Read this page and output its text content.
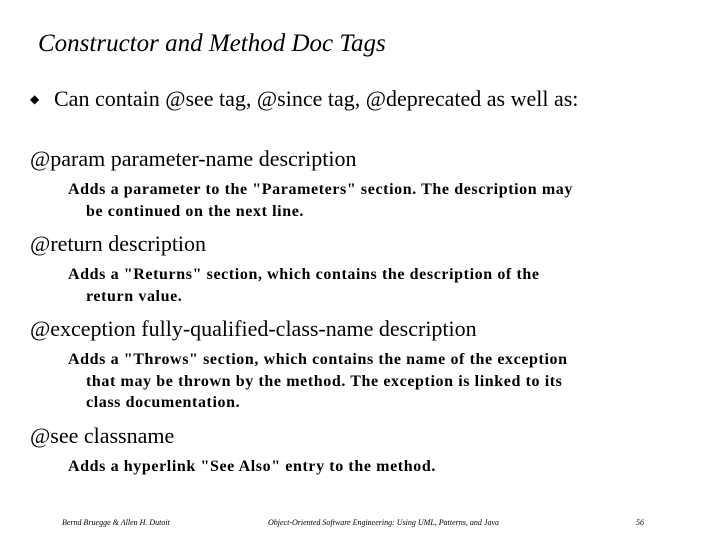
Constructor and Method Doc Tags
◆ Can contain @see tag, @since tag, @deprecated as well as:
@param parameter-name description
Adds a parameter to the "Parameters" section. The description may
be continued on the next line.
@return description
Adds a "Returns" section, which contains the description of the
return value.
@exception fully-qualified-class-name description
Adds a "Throws" section, which contains the name of the exception
that may be thrown by the method. The exception is linked to its
class documentation.
@see classname
Adds a hyperlink "See Also" entry to the method.
Bernd Bruegge & Allen H. Dutoit	Object-Oriented Software Engineering: Using UML, Patterns, and Java	56
